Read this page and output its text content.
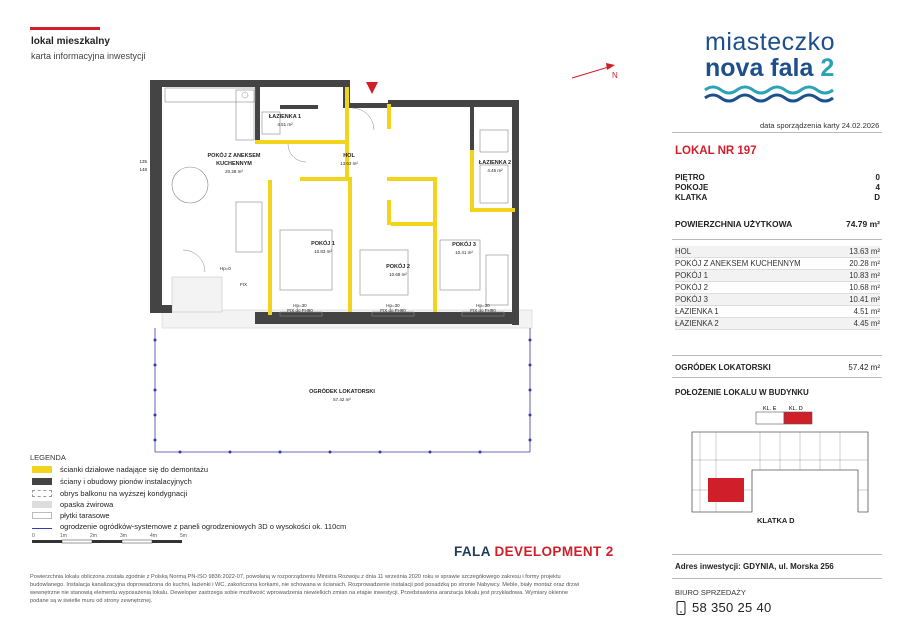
lokal mieszkalny
karta informacyjna inwestycji
N
ŁAZIENKA 1
4.51 m²
POKÓJ Z ANEKSEM
KUCHENNYM
20.28 m²
HOL
13.63 m²	ŁAZIENKA 2
4.45 m²
POKÓJ 1
10.83 m²
POKÓJ 2
10.68 m²
POKÓJ 3
10.41 m²
OGRÓDEK LOKATORSKI
57.42 m²
Hp=30
FIX do FH90
Hp=30
FIX do FH90
Hp=30
FIX do FH90
Hp=0
FIX
135
148
miasteczko
nova fala 2
data sporządzenia karty 24.02.2026
LOKAL NR 197
PIĘTRO	0
POKOJE	4
KLATKA	D
POWIERZCHNIA UŻYTKOWA	74.79 m²
HOL	13.63 m²
POKÓJ Z ANEKSEM KUCHENNYM	20.28 m²
POKÓJ 1	10.83 m²
POKÓJ 2	10.68 m²
POKÓJ 3	10.41 m²
ŁAZIENKA 1	4.51 m²
ŁAZIENKA 2	4.45 m²
OGRÓDEK LOKATORSKI	57.42 m²
POŁOŻENIE LOKALU W BUDYNKU
KL. E KL. D
KLATKA D
FALA DEVELOPMENT 2
Adres inwestycji: GDYNIA, ul. Morska 256
BIURO SPRZEDAŻY
58 350 25 40
LEGENDA
ścianki działowe nadające się do demontażu
ściany i obudowy pionów instalacyjnych
obrys balkonu na wyższej kondygnacji
opaska żwirowa
płytki tarasowe
ogrodzenie ogródków-systemowe z paneli ogrodzeniowych 3D o wysokości ok. 110cm
0	1m	2m	3m	4m	5m
Powierzchnia lokalu obliczona została zgodnie z Polską Normą PN-ISO 9836:2022-07, powołaną w rozporządzeniu Ministra Rozwoju z dnia 11 września 2020 roku w sprawie szczegółowego zakresu i formy projektu budowlanego. Instalacja kanalizacyjna doprowadzona do kuchni, łazienki i WC, zakończona korkami, nie schowana w ścianach. Rozprowadzenie instalacji pod posadzką po stronie Nabywcy. Meble, biały montaż oraz drzwi wewnętrzne nie stanowią elementu wyposażenia lokalu. Deweloper zastrzega sobie możliwość wprowadzenia niewielkich zmian na etapie inwestycji. Przedstawiona aranżacja lokalu jest przykładowa. Wymiary okienne podane są w świetle muru od strony zewnętrznej.
